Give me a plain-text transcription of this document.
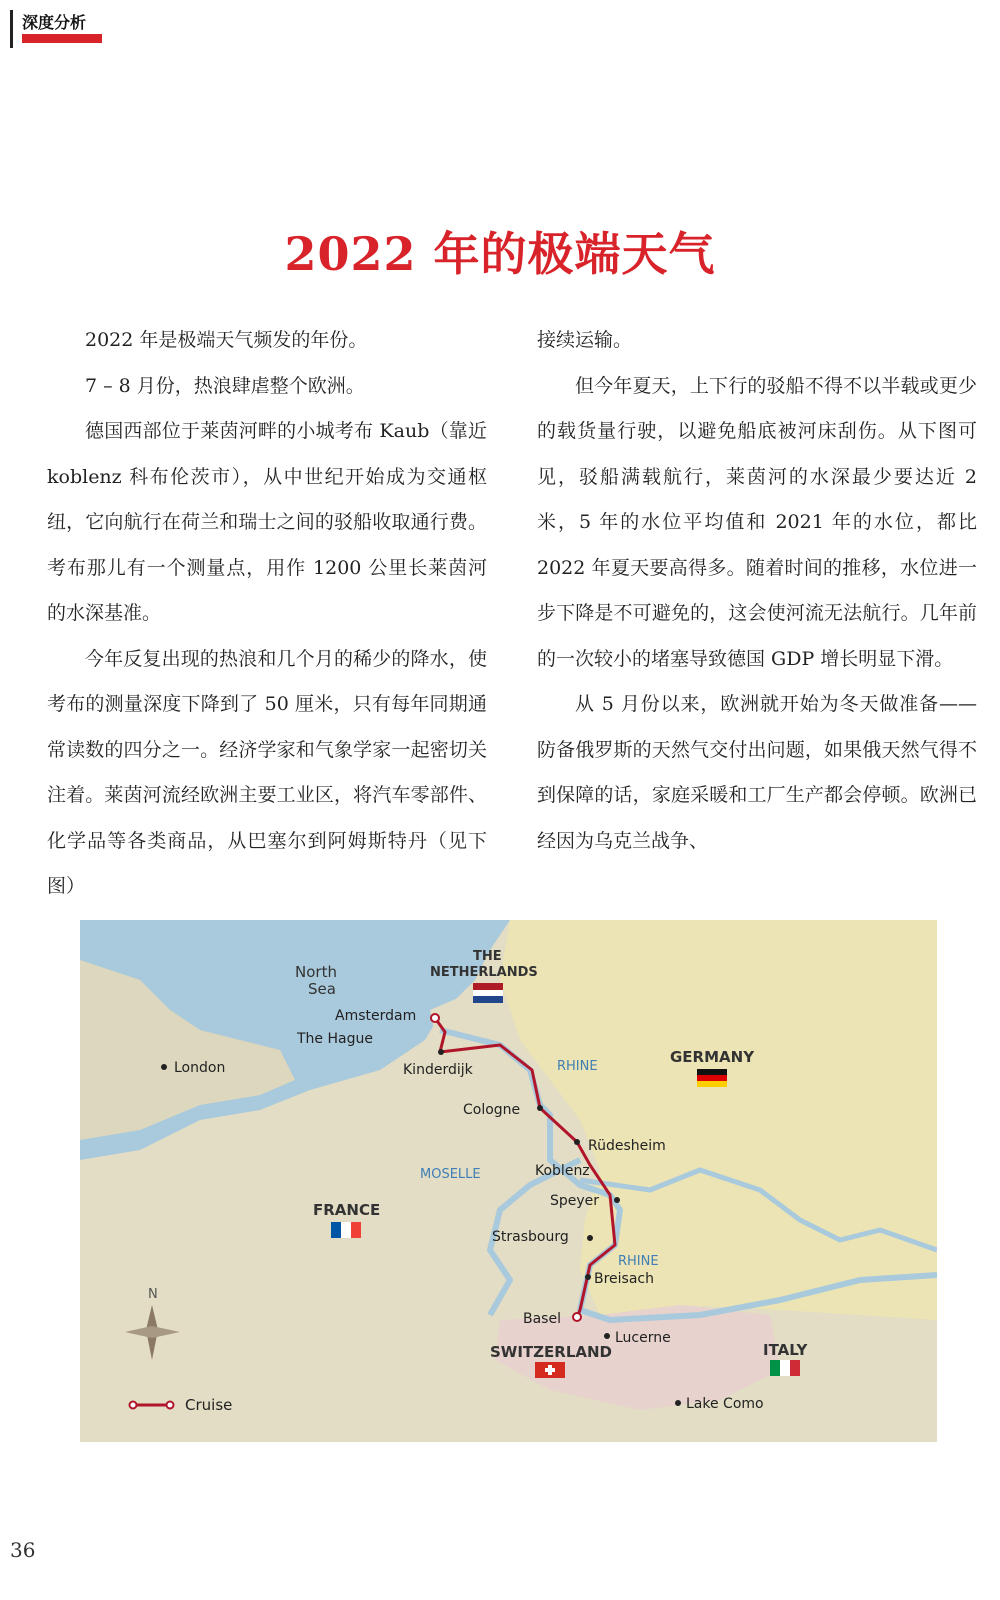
深度分析
2022 年的极端天气

2022 年是极端天气频发的年份。

7 – 8 月份，热浪肆虐整个欧洲。

德国西部位于莱茵河畔的小城考布 Kaub（靠近 koblenz 科布伦茨市），从中世纪开始成为交通枢纽，它向航行在荷兰和瑞士之间的驳船收取通行费。考布那儿有一个测量点，用作 1200 公里长莱茵河的水深基准。

今年反复出现的热浪和几个月的稀少的降水，使考布的测量深度下降到了 50 厘米，只有每年同期通常读数的四分之一。经济学家和气象学家一起密切关注着。莱茵河流经欧洲主要工业区，将汽车零部件、化学品等各类商品，从巴塞尔到阿姆斯特丹（见下图）

接续运输。

但今年夏天，上下行的驳船不得不以半载或更少的载货量行驶，以避免船底被河床刮伤。从下图可见，驳船满载航行，莱茵河的水深最少要达近 2 米，5 年的水位平均值和 2021 年的水位，都比 2022 年夏天要高得多。随着时间的推移，水位进一步下降是不可避免的，这会使河流无法航行。几年前的一次较小的堵塞导致德国 GDP 增长明显下滑。

从 5 月份以来，欧洲就开始为冬天做准备——防备俄罗斯的天然气交付出问题，如果俄天然气得不到保障的话，家庭采暖和工厂生产都会停顿。欧洲已经因为乌克兰战争、

North
Sea
THE
NETHERLANDS
GERMANY
FRANCE
SWITZERLAND	ITALY
RHINE
RHINE
MOSELLE
Amsterdam
The Hague
London	Kinderdijk
Cologne
Rüdesheim
Koblenz
Speyer
Strasbourg
Breisach
Basel
Lucerne
Lake Como
N
Cruise
36
